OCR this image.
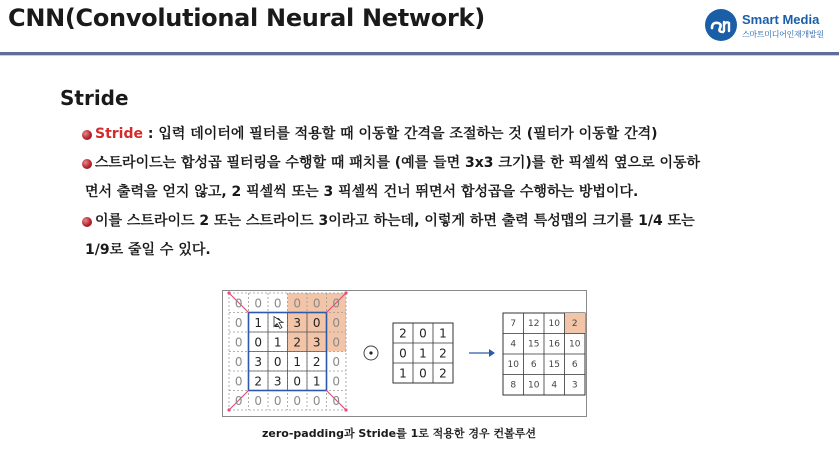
CNN(Convolutional Neural Network)	Smart Media
스마트미디어인재개발원
Stride
Stride : 입력 데이터에 필터를 적용할 때 이동할 간격을 조절하는 것 (필터가 이동할 간격)
스트라이드는 합성곱 필터링을 수행할 때 패치를 (예를 들면 3x3 크기)를 한 픽셀씩 옆으로 이동하
면서 출력을 얻지 않고, 2 픽셀씩 또는 3 픽셀씩 건너 뛰면서 합성곱을 수행하는 방법이다.
이를 스트라이드 2 또는 스트라이드 3이라고 하는데, 이렇게 하면 출력 특성맵의 크기를 1/4 또는
1/9로 줄일 수 있다.
0 0 0 0 0 0
0 1	3 0 0
0 0 1 2 3 0
0 3 0 1 2 0
0 2 3 0 1 0
0 0 0 0 0 0
2 0 1
0 1 2
1 0 2
7 12 10 2
4 15 16 10
10 6 15 6
8 10 4 3
zero-padding과 Stride를 1로 적용한 경우 컨볼루션
